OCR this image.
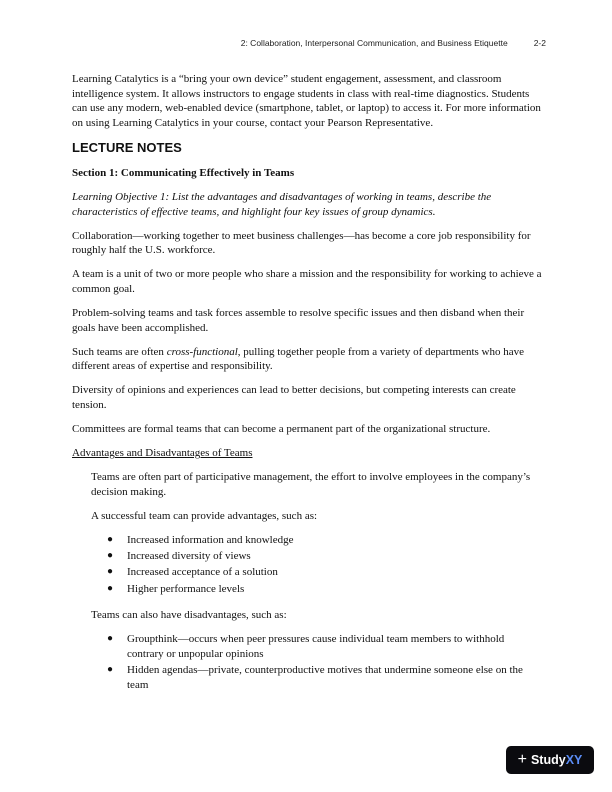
2: Collaboration, Interpersonal Communication, and Business Etiquette	2-2

Learning Catalytics is a “bring your own device” student engagement, assessment, and classroom intelligence system. It allows instructors to engage students in class with real-time diagnostics. Students can use any modern, web-enabled device (smartphone, tablet, or laptop) to access it. For more information on using Learning Catalytics in your course, contact your Pearson Representative.

LECTURE NOTES

Section 1: Communicating Effectively in Teams

Learning Objective 1: List the advantages and disadvantages of working in teams, describe the characteristics of effective teams, and highlight four key issues of group dynamics.

Collaboration—working together to meet business challenges—has become a core job responsibility for roughly half the U.S. workforce.

A team is a unit of two or more people who share a mission and the responsibility for working to achieve a common goal.

Problem-solving teams and task forces assemble to resolve specific issues and then disband when their goals have been accomplished.

Such teams are often cross-functional, pulling together people from a variety of departments who have different areas of expertise and responsibility.

Diversity of opinions and experiences can lead to better decisions, but competing interests can create tension.

Committees are formal teams that can become a permanent part of the organizational structure.

Advantages and Disadvantages of Teams

Teams are often part of participative management, the effort to involve employees in the company’s decision making.

A successful team can provide advantages, such as:

● Increased information and knowledge
● Increased diversity of views
● Increased acceptance of a solution
● Higher performance levels

Teams can also have disadvantages, such as:

● Groupthink—occurs when peer pressures cause individual team members to withhold contrary or unpopular opinions
● Hidden agendas—private, counterproductive motives that undermine someone else on the team
+ StudyXY
